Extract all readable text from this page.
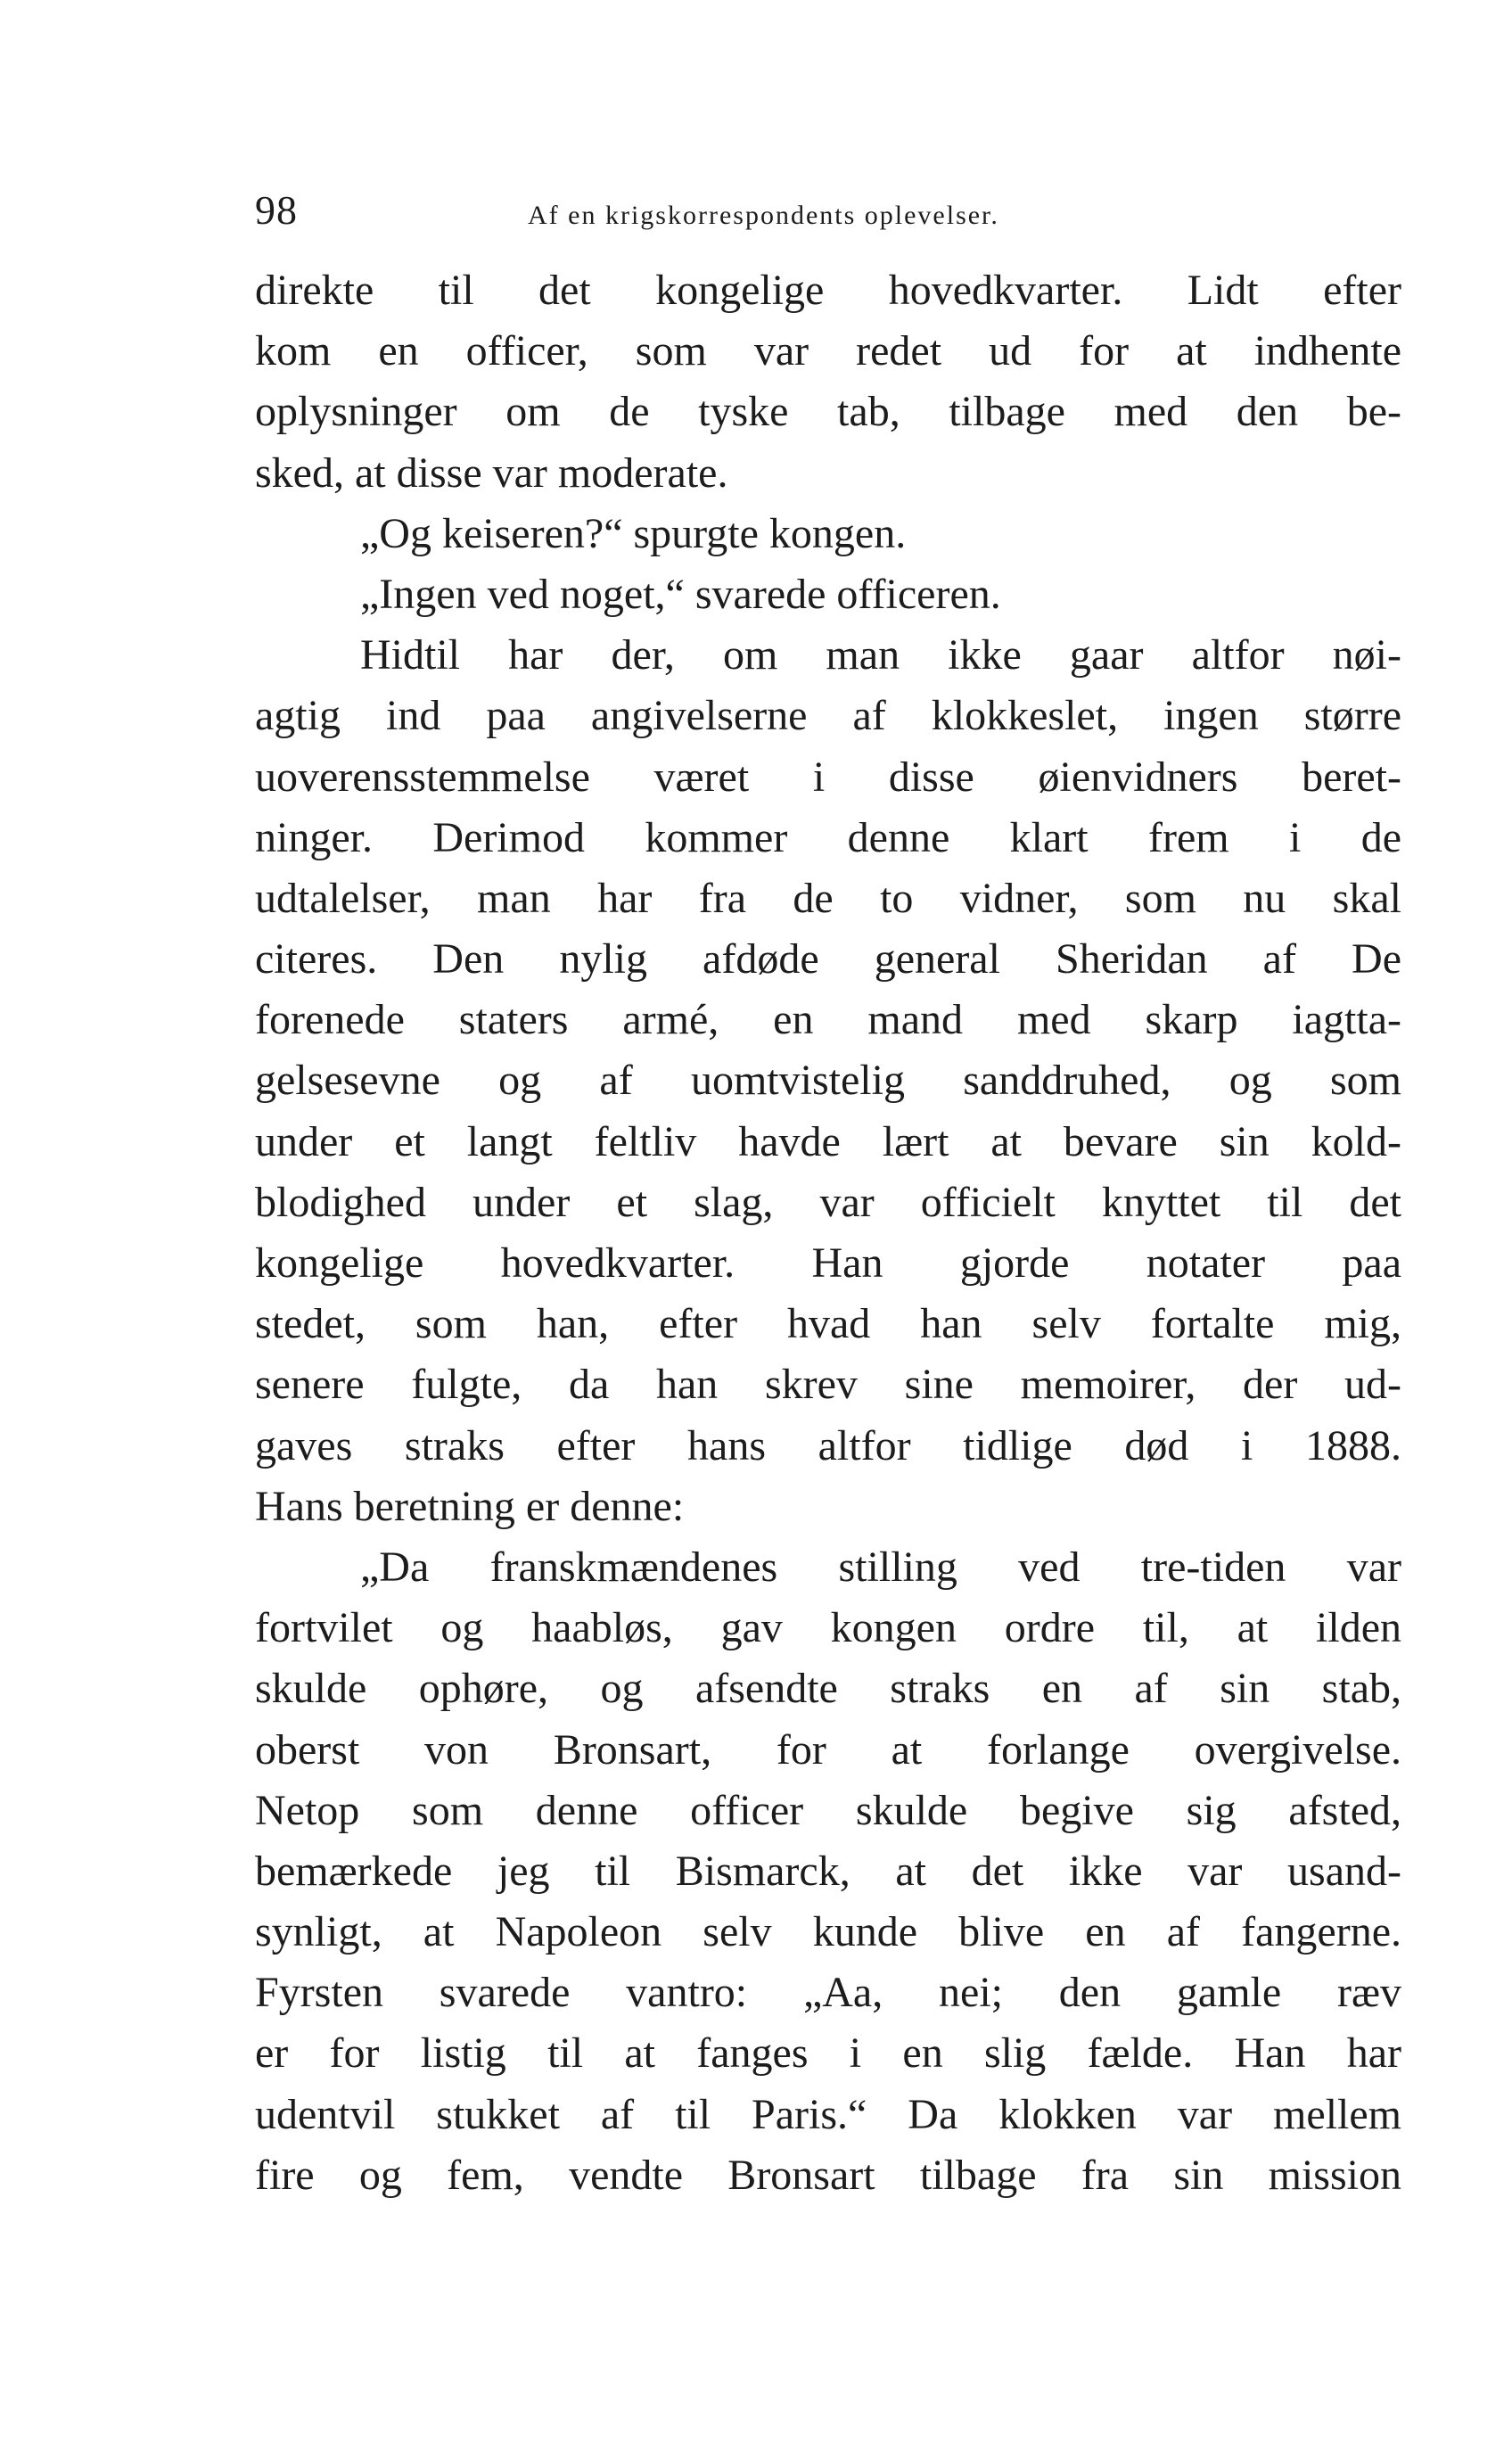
98	Af en krigskorrespondents oplevelser.
direkte til det kongelige hovedkvarter. Lidt efter
kom en officer, som var redet ud for at indhente
oplysninger om de tyske tab, tilbage med den be-
sked, at disse var moderate.
„Og keiseren?“ spurgte kongen.
„Ingen ved noget,“ svarede officeren.
Hidtil har der, om man ikke gaar altfor nøi-
agtig ind paa angivelserne af klokkeslet, ingen større
uoverensstemmelse været i disse øienvidners beret-
ninger. Derimod kommer denne klart frem i de
udtalelser, man har fra de to vidner, som nu skal
citeres. Den nylig afdøde general Sheridan af De
forenede staters armé, en mand med skarp iagtta-
gelsesevne og af uomtvistelig sanddruhed, og som
under et langt feltliv havde lært at bevare sin kold-
blodighed under et slag, var officielt knyttet til det
kongelige hovedkvarter. Han gjorde notater paa
stedet, som han, efter hvad han selv fortalte mig,
senere fulgte, da han skrev sine memoirer, der ud-
gaves straks efter hans altfor tidlige død i 1888.
Hans beretning er denne:
„Da franskmændenes stilling ved tre-tiden var
fortvilet og haabløs, gav kongen ordre til, at ilden
skulde ophøre, og afsendte straks en af sin stab,
oberst von Bronsart, for at forlange overgivelse.
Netop som denne officer skulde begive sig afsted,
bemærkede jeg til Bismarck, at det ikke var usand-
synligt, at Napoleon selv kunde blive en af fangerne.
Fyrsten svarede vantro: „Aa, nei; den gamle ræv
er for listig til at fanges i en slig fælde. Han har
udentvil stukket af til Paris.“ Da klokken var mellem
fire og fem, vendte Bronsart tilbage fra sin mission
